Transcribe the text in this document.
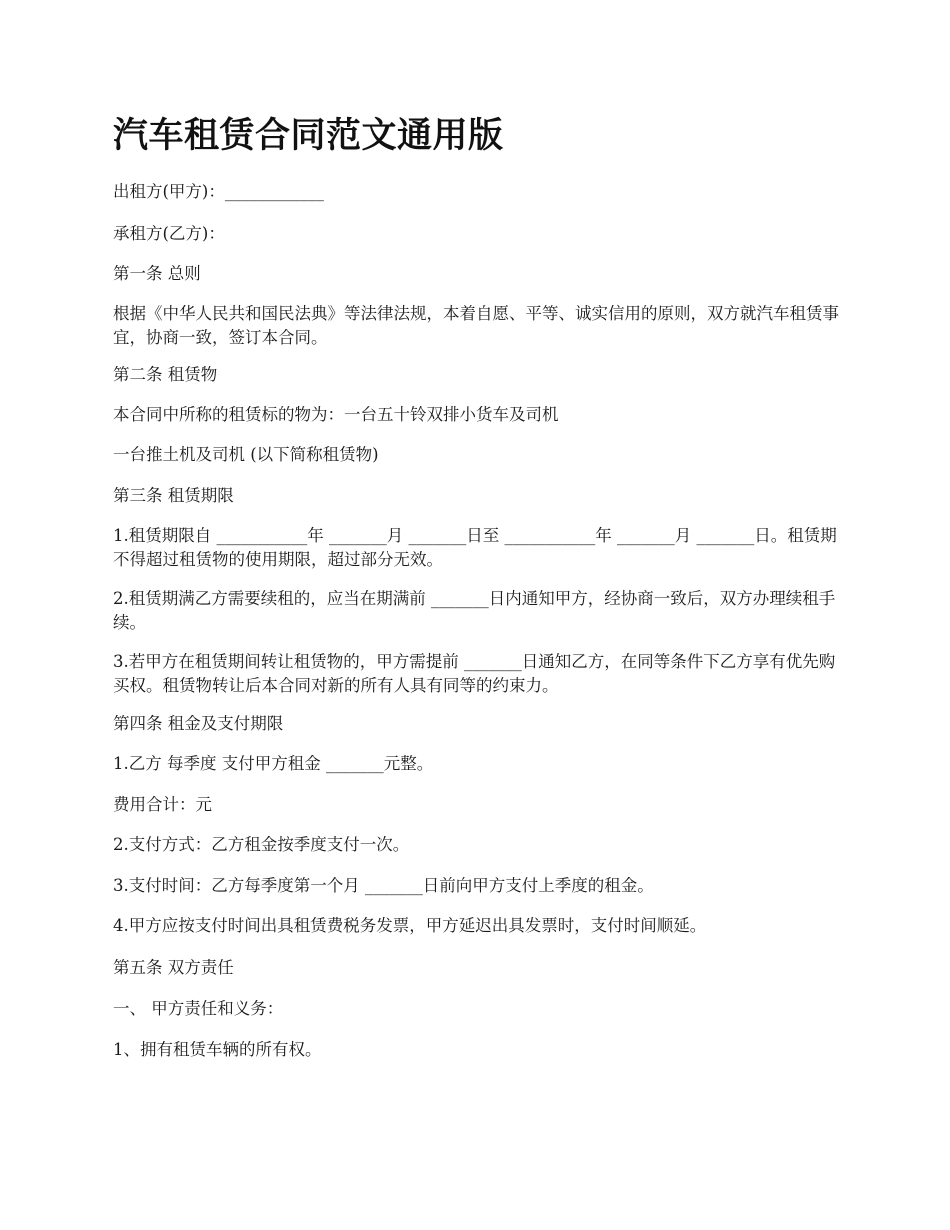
汽车租赁合同范文通用版

出租方(甲方)：____________

承租方(乙方)：

第一条 总则

根据《中华人民共和国民法典》等法律法规，本着自愿、平等、诚实信用的原则，双方就汽车租赁事宜，协商一致，签订本合同。

第二条 租赁物

本合同中所称的租赁标的物为：一台五十铃双排小货车及司机

一台推土机及司机 (以下简称租赁物)

第三条 租赁期限

1.租赁期限自 ___________年 _______月 _______日至 ___________年 _______月 _______日。租赁期不得超过租赁物的使用期限，超过部分无效。

2.租赁期满乙方需要续租的，应当在期满前 _______日内通知甲方，经协商一致后，双方办理续租手续。

3.若甲方在租赁期间转让租赁物的，甲方需提前 _______日通知乙方，在同等条件下乙方享有优先购买权。租赁物转让后本合同对新的所有人具有同等的约束力。

第四条 租金及支付期限

1.乙方 每季度 支付甲方租金 _______元整。

费用合计：元

2.支付方式：乙方租金按季度支付一次。

3.支付时间：乙方每季度第一个月 _______日前向甲方支付上季度的租金。

4.甲方应按支付时间出具租赁费税务发票，甲方延迟出具发票时，支付时间顺延。

第五条 双方责任

一、 甲方责任和义务：

1、拥有租赁车辆的所有权。
